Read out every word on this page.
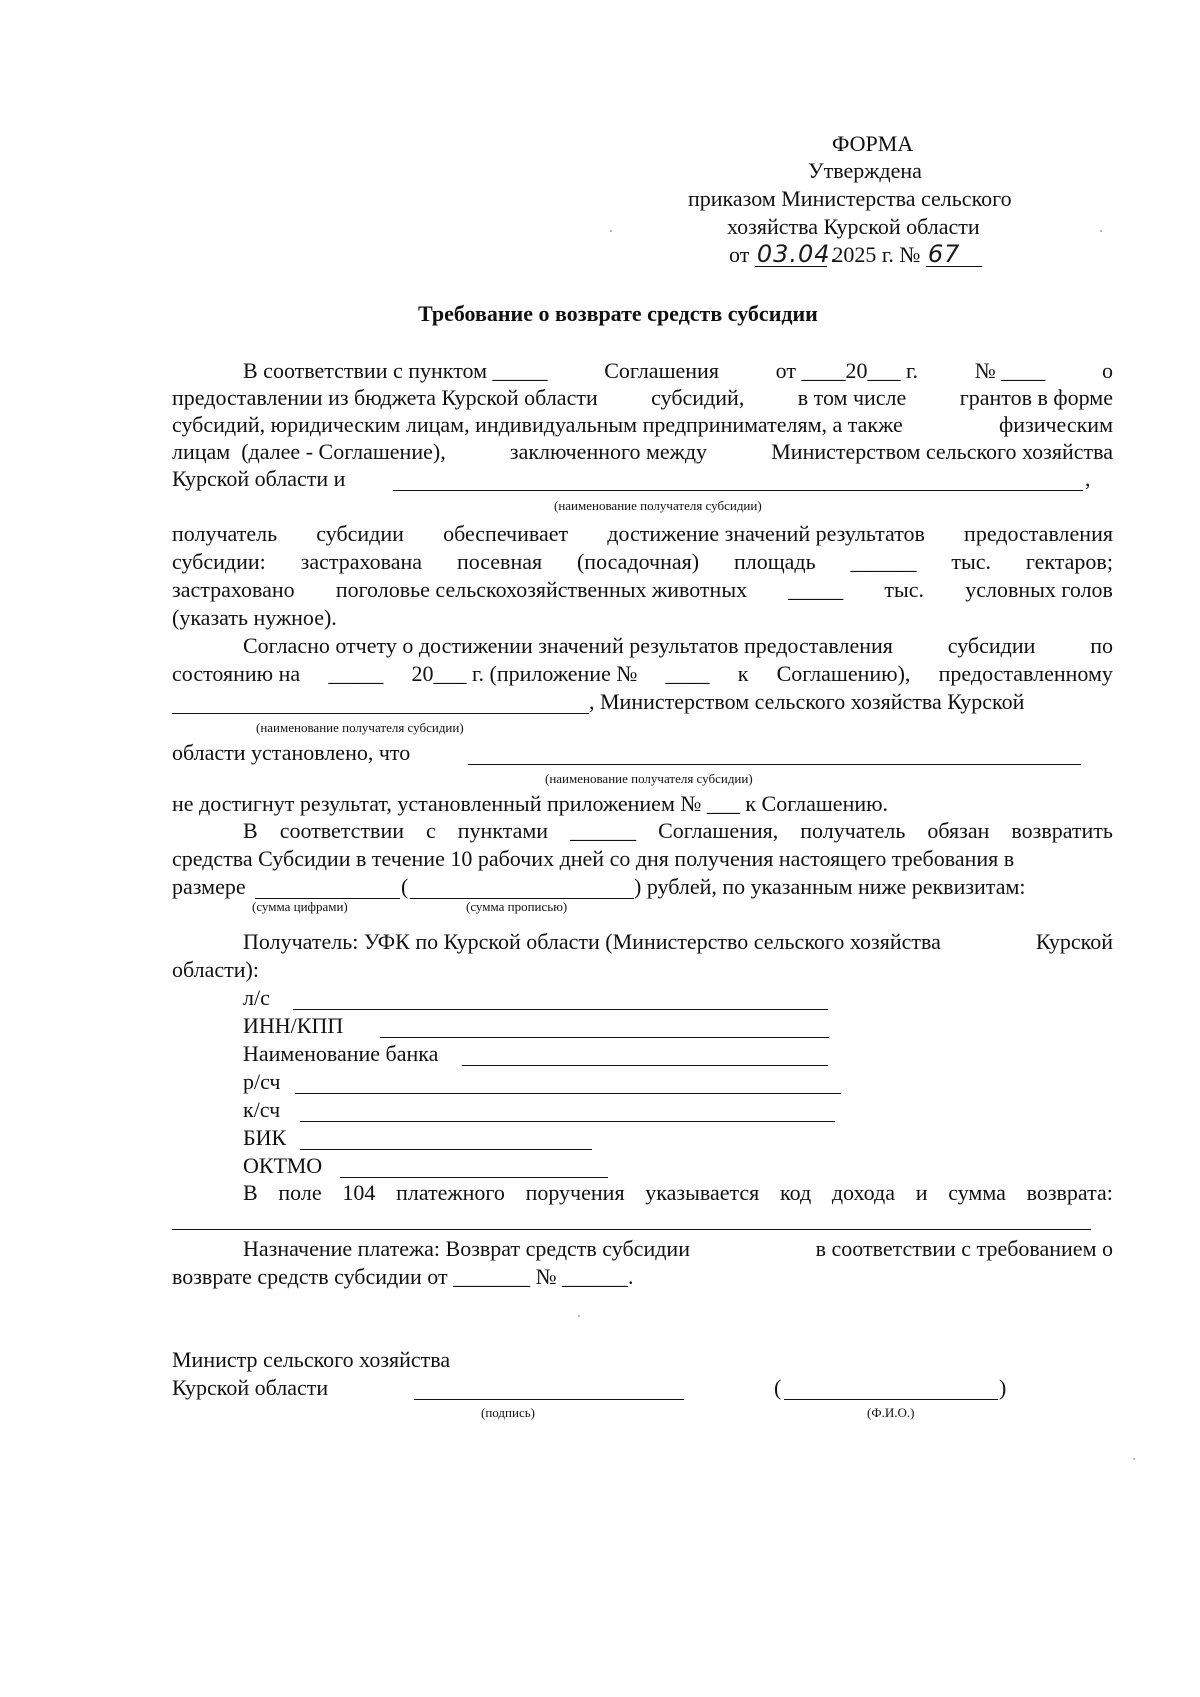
ФОРМА
Утверждена
приказом Министерства сельского
хозяйства Курской области
от 03.04. 2025 г. № 67
Требование о возврате средств субсидии
В соответствии с пунктом _____	Соглашения	от ____20___ г.	№ ____	о
предоставлении из бюджета Курской области субсидий, в том числе грантов в форме
субсидий, юридическим лицам, индивидуальным предпринимателям, а также	физическим
лицам  (далее - Соглашение),	заключенного между	Министерством сельского хозяйства
Курской области и	,
(наименование получателя субсидии)
получатель субсидии обеспечивает достижение значений результатов предоставления
субсидии: застрахована посевная (посадочная) площадь ______ тыс. гектаров;
застраховано поголовье сельскохозяйственных животных _____ тыс. условных голов
(указать нужное).
Согласно отчету о достижении значений результатов предоставления субсидии по
состоянию на _____ 20___ г. (приложение № ____ к Соглашению), предоставленному
, Министерством сельского хозяйства Курской
(наименование получателя субсидии)
области установлено, что
(наименование получателя субсидии)
не достигнут результат, установленный приложением № ___ к Соглашению.
В соответствии с пунктами ______ Соглашения, получатель обязан возвратить
средства Субсидии в течение 10 рабочих дней со дня получения настоящего требования в
размере	(	) рублей, по указанным ниже реквизитам:
(сумма цифрами)	(сумма прописью)
Получатель: УФК по Курской области (Министерство сельского хозяйства	Курской
области):
л/с
ИНН/КПП
Наименование банка
р/сч
к/сч
БИК
ОКТМО
В поле 104 платежного поручения указывается код дохода и сумма возврата:
Назначение платежа: Возврат средств субсидии	в соответствии с требованием о
возврате средств субсидии от _______ № ______.
Министр сельского хозяйства
Курской области
(подпись)
(	)
(Ф.И.О.)
